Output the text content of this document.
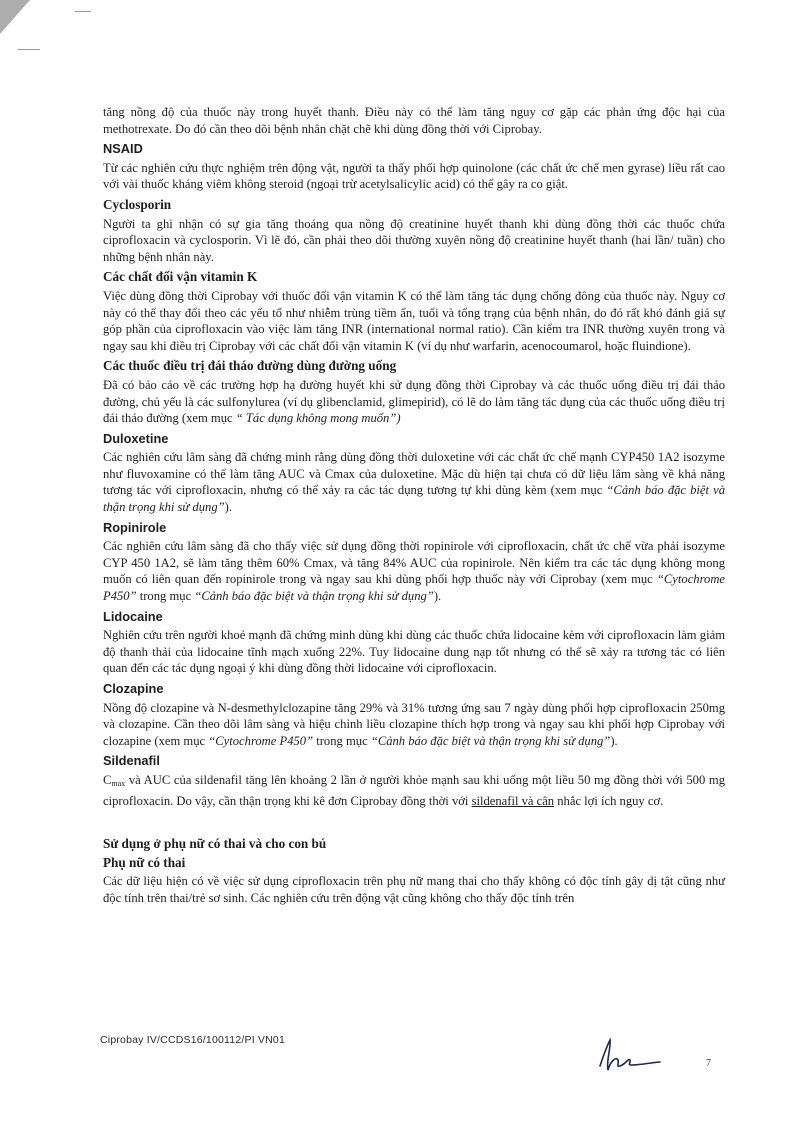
tăng nồng độ của thuốc này trong huyết thanh. Điều này có thể làm tăng nguy cơ gặp các phản ứng độc hại của methotrexate. Do đó cần theo dõi bệnh nhân chặt chẽ khi dùng đồng thời với Ciprobay.

NSAID

Từ các nghiên cứu thực nghiệm trên động vật, người ta thấy phối hợp quinolone (các chất ức chế men gyrase) liều rất cao với vài thuốc kháng viêm không steroid (ngoại trừ acetylsalicylic acid) có thể gây ra co giật.

Cyclosporin

Người ta ghi nhận có sự gia tăng thoáng qua nồng độ creatinine huyết thanh khi dùng đồng thời các thuốc chứa ciprofloxacin và cyclosporin. Vì lẽ đó, cần phải theo dõi thường xuyên nồng độ creatinine huyết thanh (hai lần/ tuần) cho những bệnh nhân này.

Các chất đối vận vitamin K

Việc dùng đồng thời Ciprobay với thuốc đối vận vitamin K có thể làm tăng tác dụng chống đông của thuốc này. Nguy cơ này có thể thay đổi theo các yếu tố như nhiễm trùng tiềm ẩn, tuổi và tổng trạng của bệnh nhân, do đó rất khó đánh giá sự góp phần của ciprofloxacin vào việc làm tăng INR (international normal ratio). Cần kiểm tra INR thường xuyên trong và ngay sau khi điều trị Ciprobay với các chất đối vận vitamin K (ví dụ như warfarin, acenocoumarol, hoặc fluindione).

Các thuốc điều trị đái tháo đường dùng đường uống

Đã có báo cáo về các trường hợp hạ đường huyết khi sử dụng đồng thời Ciprobay và các thuốc uống điều trị đái tháo đường, chủ yếu là các sulfonylurea (ví dụ glibenclamid, glimepirid), có lẽ do làm tăng tác dụng của các thuốc uống điều trị đái tháo đường (xem mục “ Tác dụng không mong muốn”)

Duloxetine

Các nghiên cứu lâm sàng đã chứng minh rằng dùng đồng thời duloxetine với các chất ức chế mạnh CYP450 1A2 isozyme như fluvoxamine có thể làm tăng AUC và Cmax của duloxetine. Mặc dù hiện tại chưa có dữ liệu lâm sàng về khả năng tương tác với ciprofloxacin, nhưng có thể xảy ra các tác dụng tương tự khi dùng kèm (xem mục “Cảnh báo đặc biệt và thận trọng khi sử dụng”).

Ropinirole

Các nghiên cứu lâm sàng đã cho thấy việc sử dụng đồng thời ropinirole với ciprofloxacin, chất ức chế vừa phải isozyme CYP 450 1A2, sẽ làm tăng thêm 60% Cmax, và tăng 84% AUC của ropinirole. Nên kiểm tra các tác dụng không mong muốn có liên quan đến ropinirole trong và ngay sau khi dùng phối hợp thuốc này với Ciprobay (xem mục “Cytochrome P450” trong mục “Cảnh báo đặc biệt và thận trọng khi sử dụng”).

Lidocaine

Nghiên cứu trên người khoẻ mạnh đã chứng minh dùng khi dùng các thuốc chứa lidocaine kèm với ciprofloxacin làm giảm độ thanh thải của lidocaine tĩnh mạch xuống 22%. Tuy lidocaine dung nạp tốt nhưng có thể sẽ xảy ra tương tác có liên quan đến các tác dụng ngoại ý khi dùng đồng thời lidocaine với ciprofloxacin.

Clozapine

Nồng độ clozapine và N-desmethylclozapine tăng 29% và 31% tương ứng sau 7 ngày dùng phối hợp ciprofloxacin 250mg và clozapine. Cần theo dõi lâm sàng và hiệu chỉnh liều clozapine thích hợp trong và ngay sau khi phối hợp Ciprobay với clozapine (xem mục “Cytochrome P450” trong mục “Cảnh báo đặc biệt và thận trọng khi sử dụng”).

Sildenafil

$C_{max}$ và AUC của sildenafil tăng lên khoảng 2 lần ở người khỏe mạnh sau khi uống một liều 50 mg đồng thời với 500 mg ciprofloxacin. Do vậy, cần thận trọng khi kê đơn Ciprobay đồng thời với sildenafil và cân nhắc lợi ích nguy cơ.

Sử dụng ở phụ nữ có thai và cho con bú
Phụ nữ có thai

Các dữ liệu hiện có về việc sử dụng ciprofloxacin trên phụ nữ mang thai cho thấy không có độc tính gây dị tật cũng như độc tính trên thai/trẻ sơ sinh. Các nghiên cứu trên động vật cũng không cho thấy độc tính trên

Ciprobay IV/CCDS16/100112/PI VN01
7
